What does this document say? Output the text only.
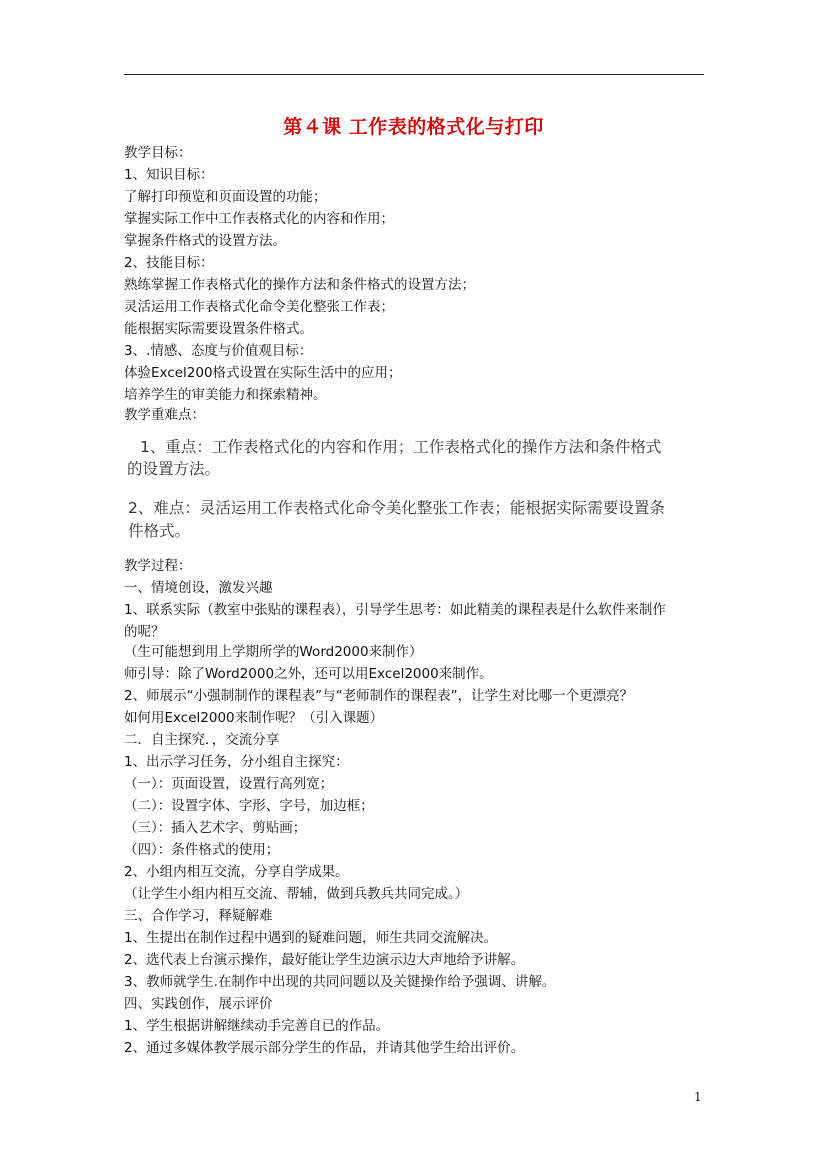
第４课 工作表的格式化与打印
教学目标：
1、知识目标：
了解打印预览和页面设置的功能；
掌握实际工作中工作表格式化的内容和作用；
掌握条件格式的设置方法。
2、技能目标：
熟练掌握工作表格式化的操作方法和条件格式的设置方法；
灵活运用工作表格式化命令美化整张工作表；
能根据实际需要设置条件格式。
3、.情感、态度与价值观目标：
体验Excel200格式设置在实际生活中的应用；
培养学生的审美能力和探索精神。
教学重难点：
1、重点：工作表格式化的内容和作用；工作表格式化的操作方法和条件格式
的设置方法。
2、难点：灵活运用工作表格式化命令美化整张工作表；能根据实际需要设置条
件格式。
教学过程：
一、情境创设，激发兴趣
1、联系实际（教室中张贴的课程表），引导学生思考：如此精美的课程表是什么软件来制作
的呢？
（生可能想到用上学期所学的Word2000来制作）
师引导：除了Word2000之外，还可以用Excel2000来制作。
2、师展示“小强制制作的课程表”与“老师制作的课程表”，让学生对比哪一个更漂亮？
如何用Excel2000来制作呢？（引入课题）
二．自主探究．，交流分享
1、出示学习任务，分小组自主探究：
（一）：页面设置，设置行高列宽；
（二）：设置字体、字形、字号，加边框；
（三）：插入艺术字、剪贴画；
（四）：条件格式的使用；
2、小组内相互交流，分享自学成果。
（让学生小组内相互交流、帮辅，做到兵教兵共同完成。）
三、合作学习，释疑解难
1、生提出在制作过程中遇到的疑难问题，师生共同交流解决。
2、选代表上台演示操作，最好能让学生边演示边大声地给予讲解。
3、教师就学生.在制作中出现的共同问题以及关键操作给予强调、讲解。
四、实践创作，展示评价
1、学生根据讲解继续动手完善自已的作品。
2、通过多媒体教学展示部分学生的作品，并请其他学生给出评价。
1
